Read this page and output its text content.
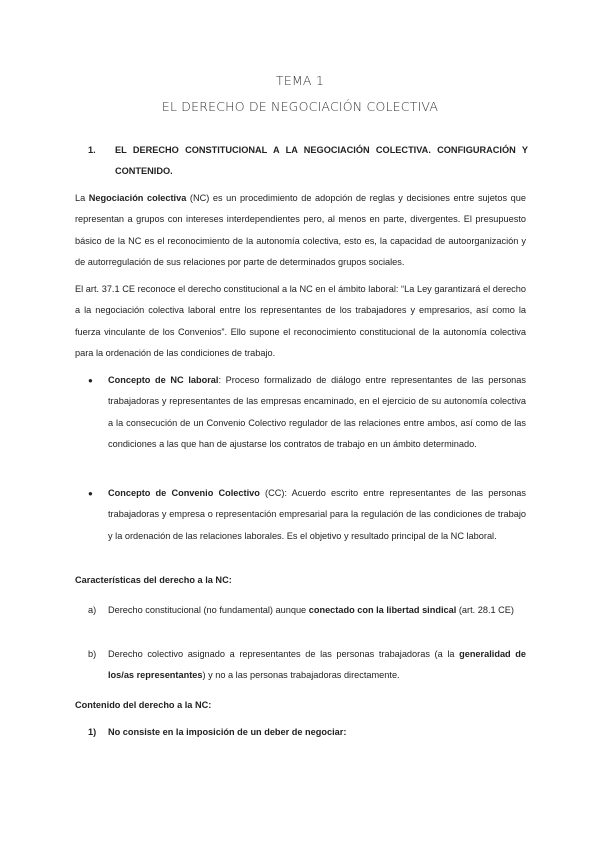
TEMA 1
EL DERECHO DE NEGOCIACIÓN COLECTIVA
1. EL DERECHO CONSTITUCIONAL A LA NEGOCIACIÓN COLECTIVA. CONFIGURACIÓN Y CONTENIDO.
La Negociación colectiva (NC) es un procedimiento de adopción de reglas y decisiones entre sujetos que representan a grupos con intereses interdependientes pero, al menos en parte, divergentes. El presupuesto básico de la NC es el reconocimiento de la autonomía colectiva, esto es, la capacidad de autoorganización y de autorregulación de sus relaciones por parte de determinados grupos sociales.
El art. 37.1 CE reconoce el derecho constitucional a la NC en el ámbito laboral: “La Ley garantizará el derecho a la negociación colectiva laboral entre los representantes de los trabajadores y empresarios, así como la fuerza vinculante de los Convenios”. Ello supone el reconocimiento constitucional de la autonomía colectiva para la ordenación de las condiciones de trabajo.
● Concepto de NC laboral: Proceso formalizado de diálogo entre representantes de las personas trabajadoras y representantes de las empresas encaminado, en el ejercicio de su autonomía colectiva a la consecución de un Convenio Colectivo regulador de las relaciones entre ambos, así como de las condiciones a las que han de ajustarse los contratos de trabajo en un ámbito determinado.
● Concepto de Convenio Colectivo (CC): Acuerdo escrito entre representantes de las personas trabajadoras y empresa o representación empresarial para la regulación de las condiciones de trabajo y la ordenación de las relaciones laborales. Es el objetivo y resultado principal de la NC laboral.
Características del derecho a la NC:
a) Derecho constitucional (no fundamental) aunque conectado con la libertad sindical (art. 28.1 CE)
b) Derecho colectivo asignado a representantes de las personas trabajadoras (a la generalidad de los/as representantes) y no a las personas trabajadoras directamente.
Contenido del derecho a la NC:
1) No consiste en la imposición de un deber de negociar:
